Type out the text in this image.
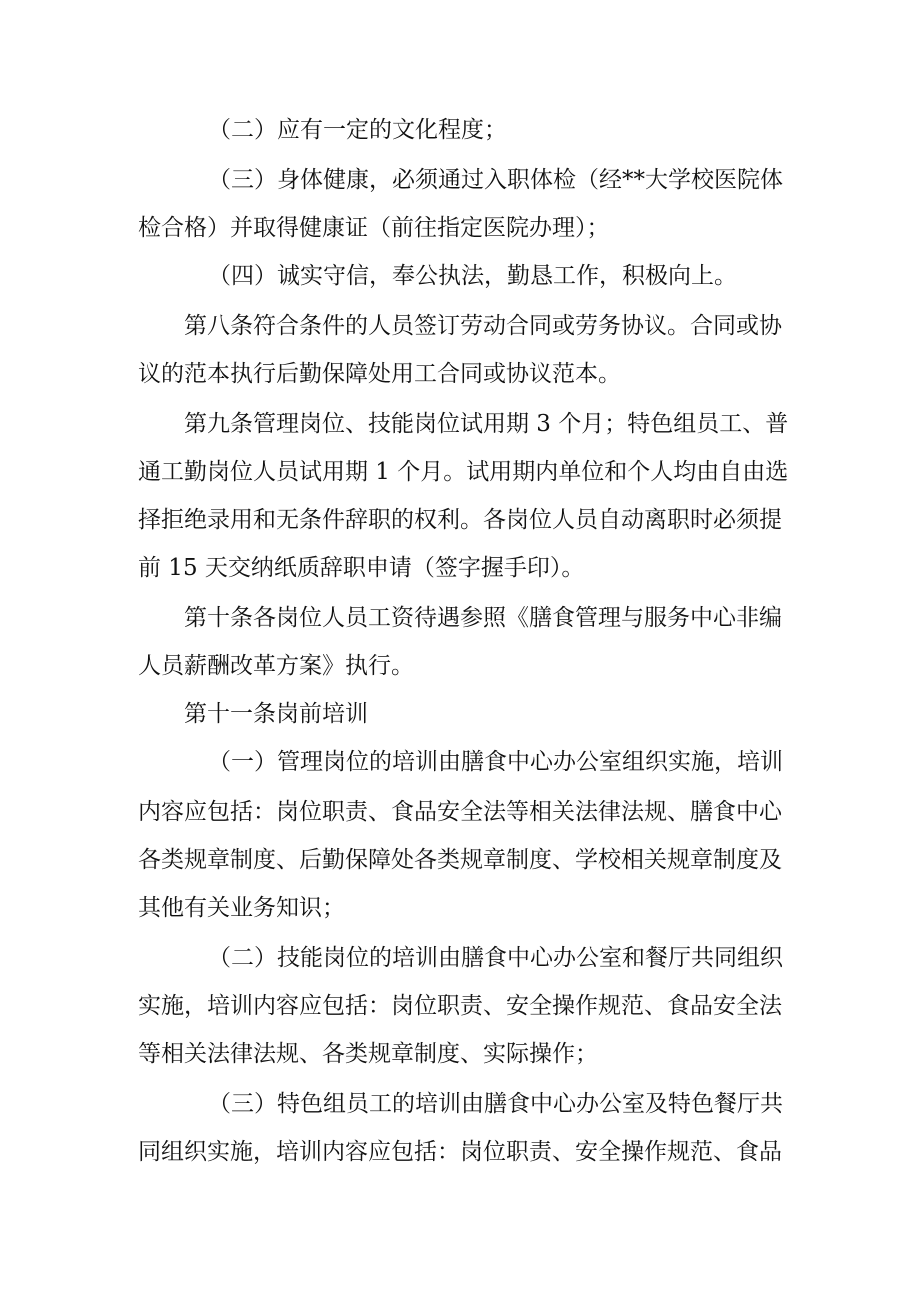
（二）应有一定的文化程度；
（三）身体健康，必须通过入职体检（经**大学校医院体
检合格）并取得健康证（前往指定医院办理）；
（四）诚实守信，奉公执法，勤恳工作，积极向上。
第八条符合条件的人员签订劳动合同或劳务协议。合同或协
议的范本执行后勤保障处用工合同或协议范本。
第九条管理岗位、技能岗位试用期 3 个月；特色组员工、普
通工勤岗位人员试用期 1 个月。试用期内单位和个人均由自由选
择拒绝录用和无条件辞职的权利。各岗位人员自动离职时必须提
前 15 天交纳纸质辞职申请（签字握手印）。
第十条各岗位人员工资待遇参照《膳食管理与服务中心非编
人员薪酬改革方案》执行。
第十一条岗前培训
（一）管理岗位的培训由膳食中心办公室组织实施，培训
内容应包括：岗位职责、食品安全法等相关法律法规、膳食中心
各类规章制度、后勤保障处各类规章制度、学校相关规章制度及
其他有关业务知识；
（二）技能岗位的培训由膳食中心办公室和餐厅共同组织
实施，培训内容应包括：岗位职责、安全操作规范、食品安全法
等相关法律法规、各类规章制度、实际操作；
（三）特色组员工的培训由膳食中心办公室及特色餐厅共
同组织实施，培训内容应包括：岗位职责、安全操作规范、食品
